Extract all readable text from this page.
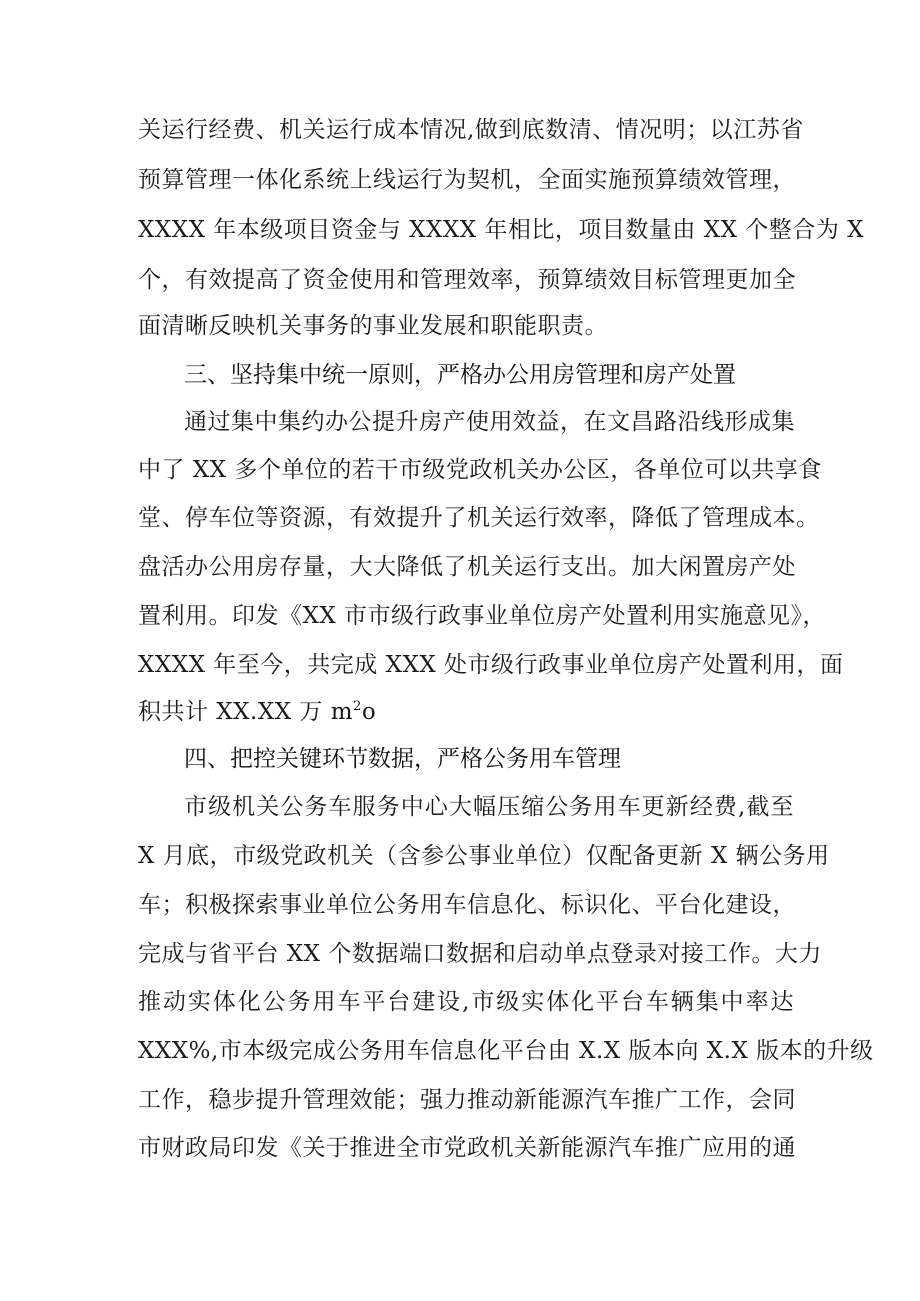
关运行经费、机关运行成本情况,做到底数清、情况明；以江苏省
预算管理一体化系统上线运行为契机，全面实施预算绩效管理，
XXXX 年本级项目资金与 XXXX 年相比，项目数量由 XX 个整合为 X
个，有效提高了资金使用和管理效率，预算绩效目标管理更加全
面清晰反映机关事务的事业发展和职能职责。
三、坚持集中统一原则，严格办公用房管理和房产处置
通过集中集约办公提升房产使用效益，在文昌路沿线形成集
中了 XX 多个单位的若干市级党政机关办公区，各单位可以共享食
堂、停车位等资源，有效提升了机关运行效率，降低了管理成本。
盘活办公用房存量，大大降低了机关运行支出。加大闲置房产处
置利用。印发《XX 市市级行政事业单位房产处置利用实施意见》，
XXXX 年至今，共完成 XXX 处市级行政事业单位房产处置利用，面
积共计 XX.XX 万 $m^2o$
四、把控关键环节数据，严格公务用车管理
市级机关公务车服务中心大幅压缩公务用车更新经费,截至
X 月底，市级党政机关（含参公事业单位）仅配备更新 X 辆公务用
车；积极探索事业单位公务用车信息化、标识化、平台化建设，
完成与省平台 XX 个数据端口数据和启动单点登录对接工作。大力
推动实体化公务用车平台建设,市级实体化平台车辆集中率达
XXX%,市本级完成公务用车信息化平台由 X.X 版本向 X.X 版本的升级
工作，稳步提升管理效能；强力推动新能源汽车推广工作，会同
市财政局印发《关于推进全市党政机关新能源汽车推广应用的通
